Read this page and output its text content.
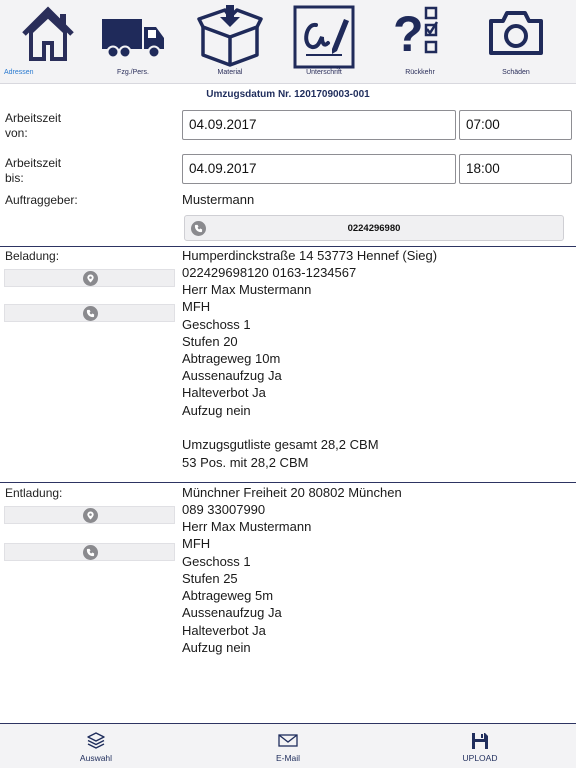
Adressen	Fzg./Pers.	Material	Unterschrift
?
Rückkehr	Schäden
Umzugsdatum Nr. 1201709003-001
Arbeitszeit
von:
04.09.2017	07:00
Arbeitszeit
bis:
04.09.2017	18:00
Auftraggeber:	Mustermann
0224296980
Beladung:	Humperdinckstraße 14 53773 Hennef (Sieg)
022429698120 0163-1234567
Herr Max Mustermann
MFH
Geschoss 1
Stufen 20
Abtrageweg 10m
Aussenaufzug Ja
Halteverbot Ja
Aufzug nein
Umzugsgutliste gesamt 28,2 CBM
53 Pos. mit 28,2 CBM
Entladung:	Münchner Freiheit 20 80802 München
089 33007990
Herr Max Mustermann
MFH
Geschoss 1
Stufen 25
Abtrageweg 5m
Aussenaufzug Ja
Halteverbot Ja
Aufzug nein
Auswahl	E-Mail	UPLOAD
